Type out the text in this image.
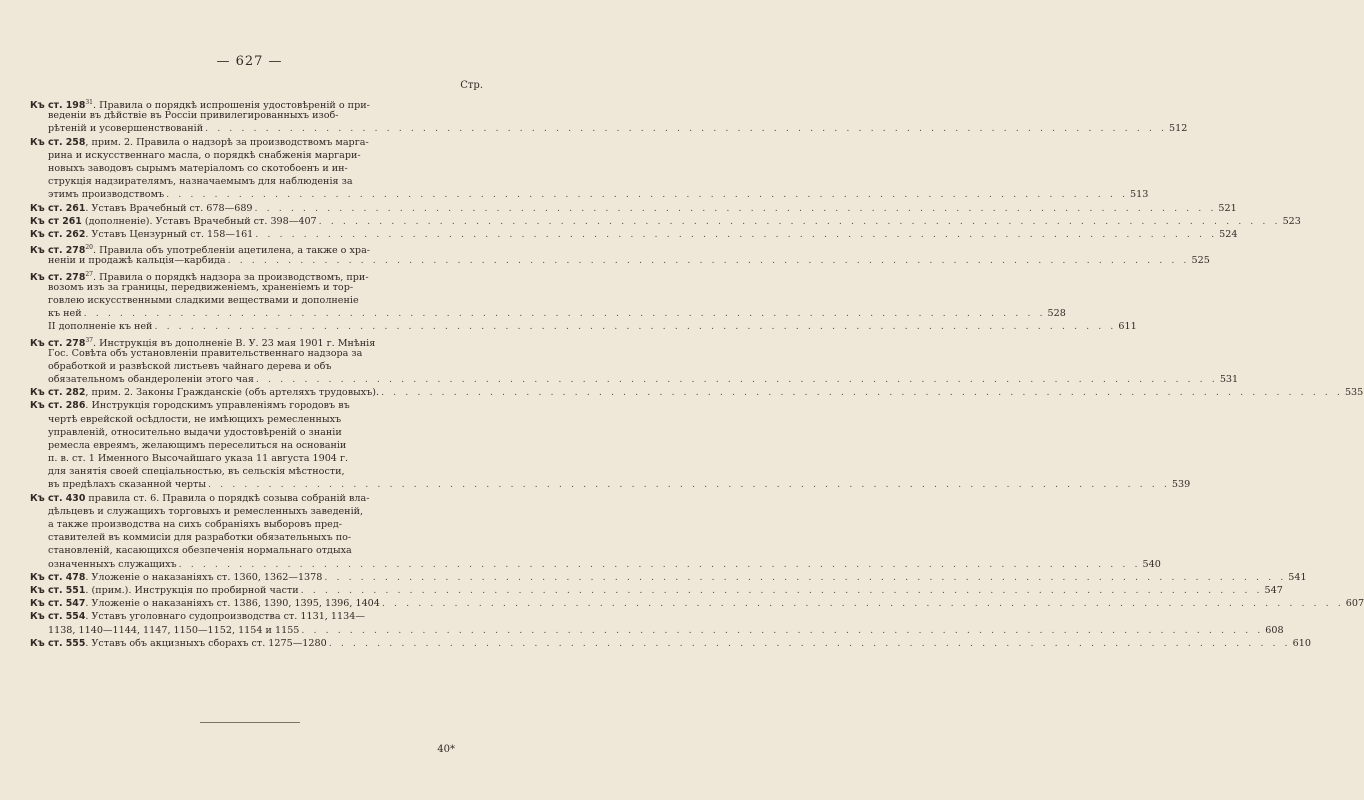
— 627 —
Стр.
Къ ст. $198^{31}$. Правила о порядкѣ испрошенія удостовѣреній о при-
веденіи въ дѣйствіе въ Россіи привилегированныхъ изоб-
рѣтеній и усовершенствованій . . . . . . . . . . . . . . . . . . . . . . . . . . . . . . . . . . . . . . . . . . . . . . . . . . . . . . . . . . . . . . . . . . . . . . . . . . . . . . . . 512
Къ ст. 258, прим. 2. Правила о надзорѣ за производствомъ марга-
рина и искусственнаго масла, о порядкѣ снабженія маргари-
новыхъ заводовъ сырымъ матеріаломъ со скотобоенъ и ин-
струкція надзирателямъ, назначаемымъ для наблюденія за
этимъ производствомъ . . . . . . . . . . . . . . . . . . . . . . . . . . . . . . . . . . . . . . . . . . . . . . . . . . . . . . . . . . . . . . . . . . . . . . . . . . . . . . . . 513
Къ ст. 261. Уставъ Врачебный ст. 678—689 . . . . . . . . . . . . . . . . . . . . . . . . . . . . . . . . . . . . . . . . . . . . . . . . . . . . . . . . . . . . . . . . . . . . . . . . . . . . . . . . 521
Къ ст 261 (дополненіе). Уставъ Врачебный ст. 398—407 . . . . . . . . . . . . . . . . . . . . . . . . . . . . . . . . . . . . . . . . . . . . . . . . . . . . . . . . . . . . . . . . . . . . . . . . . . . . . . . . 523
Къ ст. 262. Уставъ Цензурный ст. 158—161 . . . . . . . . . . . . . . . . . . . . . . . . . . . . . . . . . . . . . . . . . . . . . . . . . . . . . . . . . . . . . . . . . . . . . . . . . . . . . . . . 524
Къ ст. $278^{20}$. Правила объ употребленіи ацетилена, а также о хра-
неніи и продажѣ кальція—карбида . . . . . . . . . . . . . . . . . . . . . . . . . . . . . . . . . . . . . . . . . . . . . . . . . . . . . . . . . . . . . . . . . . . . . . . . . . . . . . . . 525
Къ ст. $278^{27}$. Правила о порядкѣ надзора за производствомъ, при-
возомъ изъ за границы, передвиженіемъ, храненіемъ и тор-
говлею искусственными сладкими веществами и дополненіе
къ ней . . . . . . . . . . . . . . . . . . . . . . . . . . . . . . . . . . . . . . . . . . . . . . . . . . . . . . . . . . . . . . . . . . . . . . . . . . . . . . . . 528
II дополненіе къ ней . . . . . . . . . . . . . . . . . . . . . . . . . . . . . . . . . . . . . . . . . . . . . . . . . . . . . . . . . . . . . . . . . . . . . . . . . . . . . . . . 611
Къ ст. $278^{37}$. Инструкція въ дополненіе В. У. 23 мая 1901 г. Мнѣнія
Гос. Совѣта объ установленіи правительственнаго надзора за
обработкой и развѣской листьевъ чайнаго дерева и объ
обязательномъ обандероленіи этого чая . . . . . . . . . . . . . . . . . . . . . . . . . . . . . . . . . . . . . . . . . . . . . . . . . . . . . . . . . . . . . . . . . . . . . . . . . . . . . . . . 531
Къ ст. 282, прим. 2. Законы Гражданскіе (объ артеляхъ трудовыхъ). . . . . . . . . . . . . . . . . . . . . . . . . . . . . . . . . . . . . . . . . . . . . . . . . . . . . . . . . . . . . . . . . . . . . . . . . . . . . . . . . 535
Къ ст. 286. Инструкція городскимъ управленіямъ городовъ въ
чертѣ еврейской осѣдлости, не имѣющихъ ремесленныхъ
управленій, относительно выдачи удостовѣреній о знаніи
ремесла евреямъ, желающимъ переселиться на основаніи
п. в. ст. 1 Именного Высочайшаго указа 11 августа 1904 г.
для занятія своей спеціальностью, въ сельскія мѣстности,
въ предѣлахъ сказанной черты . . . . . . . . . . . . . . . . . . . . . . . . . . . . . . . . . . . . . . . . . . . . . . . . . . . . . . . . . . . . . . . . . . . . . . . . . . . . . . . . 539
Къ ст. 430 правила ст. 6. Правила о порядкѣ созыва собраній вла-
дѣльцевъ и служащихъ торговыхъ и ремесленныхъ заведеній,
а также производства на сихъ собраніяхъ выборовъ пред-
ставителей въ коммисіи для разработки обязательныхъ по-
становленій, касающихся обезпеченія нормальнаго отдыха
означенныхъ служащихъ . . . . . . . . . . . . . . . . . . . . . . . . . . . . . . . . . . . . . . . . . . . . . . . . . . . . . . . . . . . . . . . . . . . . . . . . . . . . . . . . 540
Къ ст. 478. Уложеніе о наказаніяхъ ст. 1360, 1362—1378 . . . . . . . . . . . . . . . . . . . . . . . . . . . . . . . . . . . . . . . . . . . . . . . . . . . . . . . . . . . . . . . . . . . . . . . . . . . . . . . . 541
Къ ст. 551. (прим.). Инструкція по пробирной части . . . . . . . . . . . . . . . . . . . . . . . . . . . . . . . . . . . . . . . . . . . . . . . . . . . . . . . . . . . . . . . . . . . . . . . . . . . . . . . . 547
Къ ст. 547. Уложеніе о наказаніяхъ ст. 1386, 1390, 1395, 1396, 1404 . . . . . . . . . . . . . . . . . . . . . . . . . . . . . . . . . . . . . . . . . . . . . . . . . . . . . . . . . . . . . . . . . . . . . . . . . . . . . . . . 607
Къ ст. 554. Уставъ уголовнаго судопроизводства ст. 1131, 1134—
1138, 1140—1144, 1147, 1150—1152, 1154 и 1155 . . . . . . . . . . . . . . . . . . . . . . . . . . . . . . . . . . . . . . . . . . . . . . . . . . . . . . . . . . . . . . . . . . . . . . . . . . . . . . . . 608
Къ ст. 555. Уставъ объ акцизныхъ сборахъ ст. 1275—1280 . . . . . . . . . . . . . . . . . . . . . . . . . . . . . . . . . . . . . . . . . . . . . . . . . . . . . . . . . . . . . . . . . . . . . . . . . . . . . . . . 610
40*
